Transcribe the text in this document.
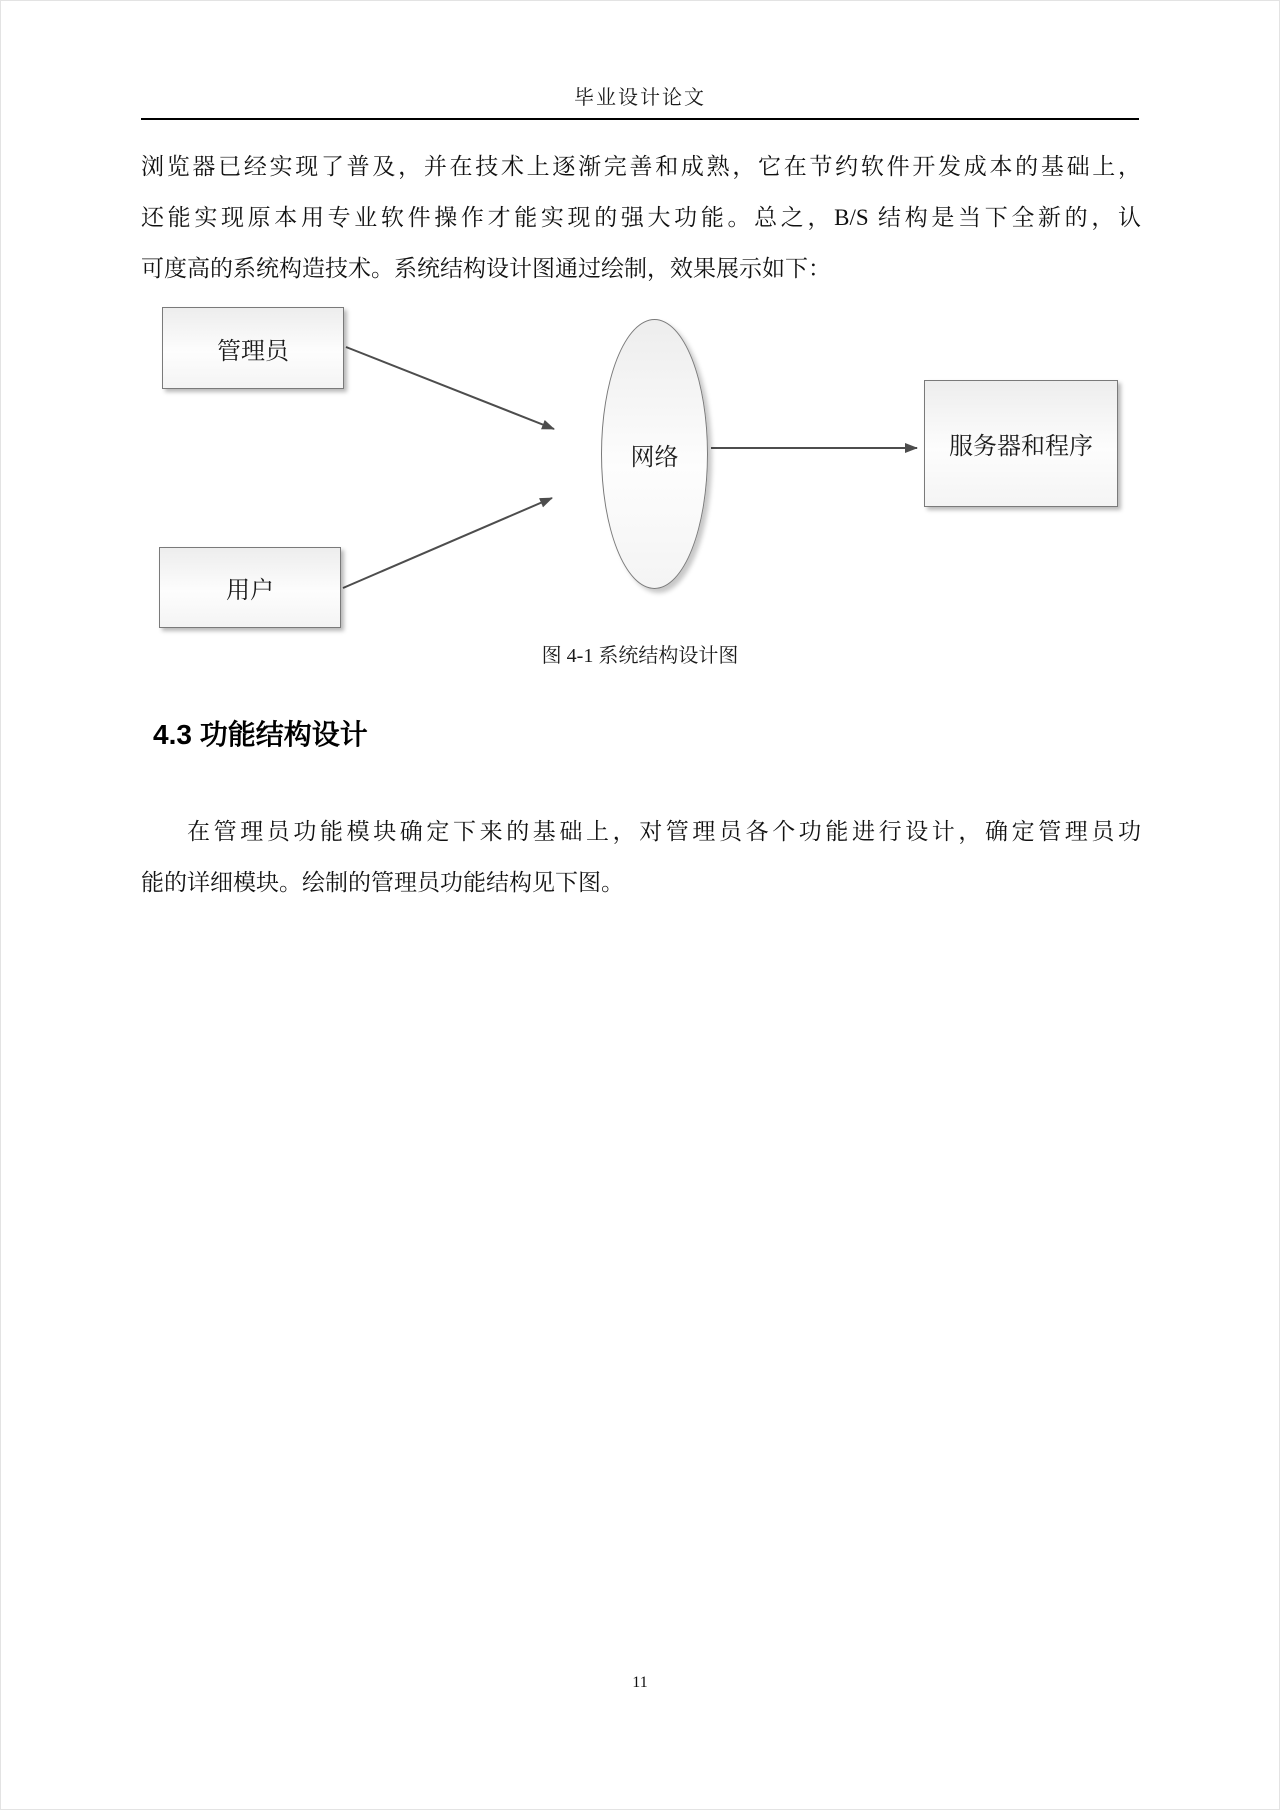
毕业设计论文
浏览器已经实现了普及，并在技术上逐渐完善和成熟，它在节约软件开发成本的基础上，
还能实现原本用专业软件操作才能实现的强大功能。总之，B/S 结构是当下全新的，认
可度高的系统构造技术。系统结构设计图通过绘制，效果展示如下：
管理员
用户
网络	服务器和程序
图 4-1 系统结构设计图
4.3 功能结构设计
在管理员功能模块确定下来的基础上，对管理员各个功能进行设计，确定管理员功
能的详细模块。绘制的管理员功能结构见下图。
11
